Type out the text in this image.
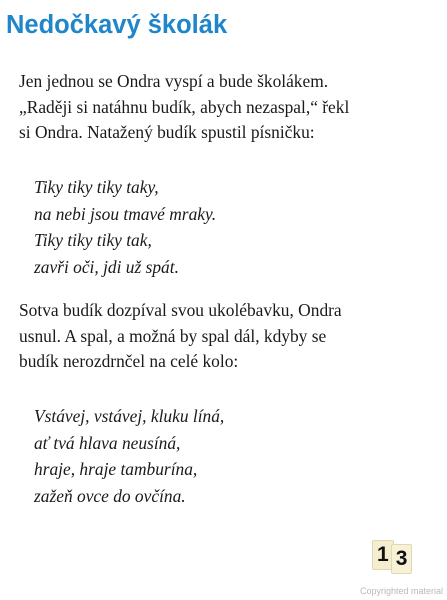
Nedočkavý školák

Jen jednou se Ondra vyspí a bude školákem.
„Raději si natáhnu budík, abych nezaspal,“ řekl
si Ondra. Natažený budík spustil písničku:

Tiky tiky tiky taky,
na nebi jsou tmavé mraky.
Tiky tiky tiky tak,
zavři oči, jdi už spát.

Sotva budík dozpíval svou ukolébavku, Ondra
usnul. A spal, a možná by spal dál, kdyby se
budík nerozdrnčel na celé kolo:

Vstávej, vstávej, kluku líná,
ať tvá hlava neusíná,
hraje, hraje tamburína,
zažeň ovce do ovčína.

1 3
Copyrighted material
